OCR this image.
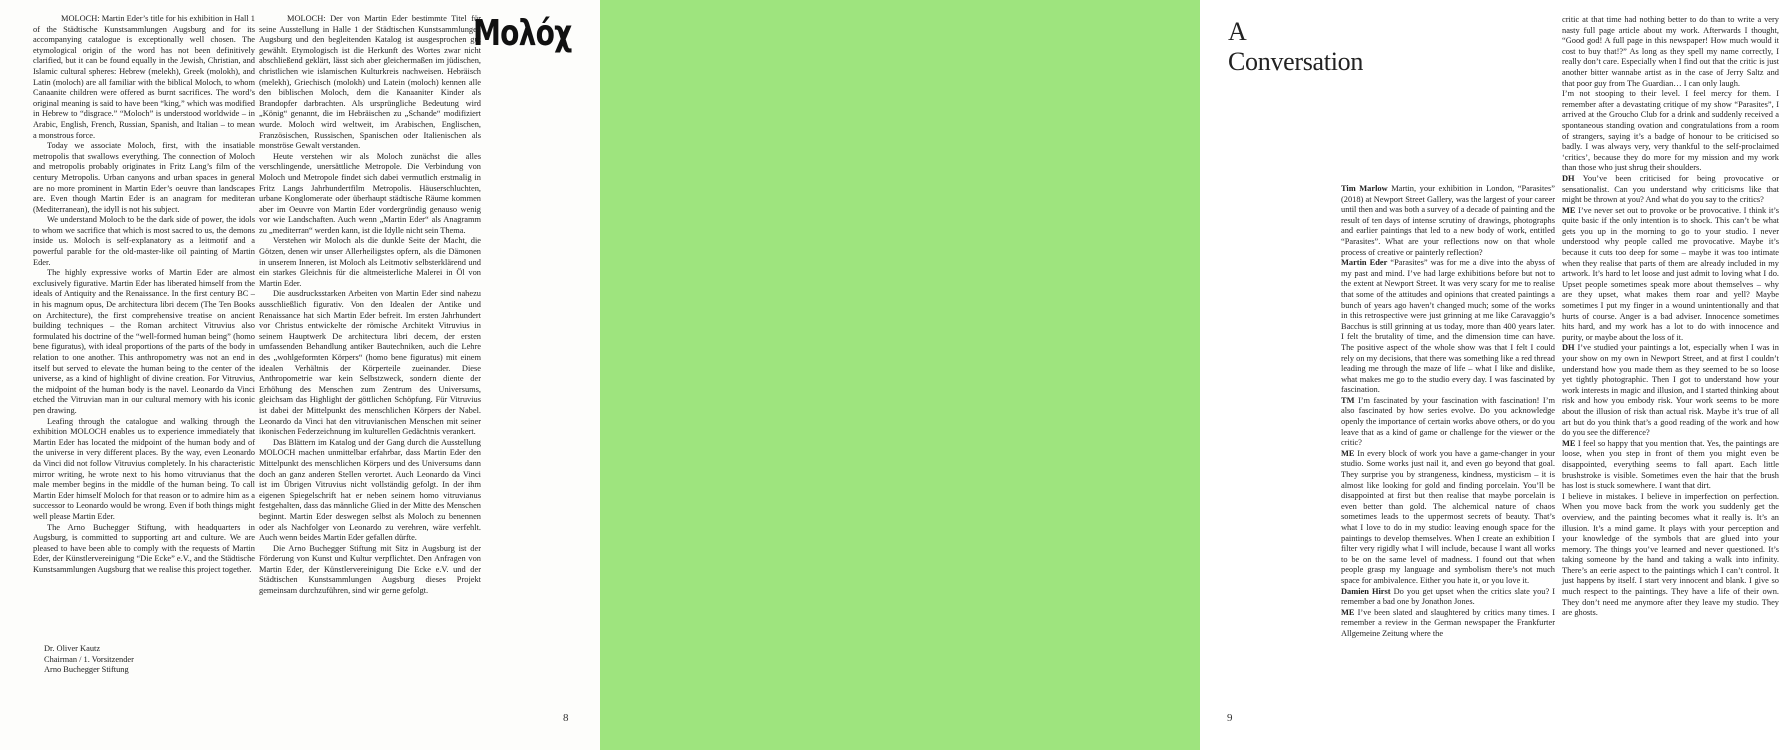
MOLOCH: Martin Eder’s title for his exhibition in Hall 1 of the Städtische Kunstsammlungen Augsburg and for its accompanying catalogue is exceptionally well chosen. The etymological origin of the word has not been definitively clarified, but it can be found equally in the Jewish, Christian, and Islamic cultural spheres: Hebrew (melekh), Greek (molokh), and Latin (moloch) are all familiar with the biblical Moloch, to whom Canaanite children were offered as burnt sacrifices. The word’s original meaning is said to have been “king,” which was modified in Hebrew to “disgrace.” “Moloch” is understood worldwide – in Arabic, English, French, Russian, Spanish, and Italian – to mean a monstrous force.

Today we associate Moloch, first, with the insatiable metropolis that swallows everything. The connection of Moloch and metropolis probably originates in Fritz Lang’s film of the century Metropolis. Urban canyons and urban spaces in general are no more prominent in Martin Eder’s oeuvre than landscapes are. Even though Martin Eder is an anagram for mediteran (Mediterranean), the idyll is not his subject.

We understand Moloch to be the dark side of power, the idols to whom we sacrifice that which is most sacred to us, the demons inside us. Moloch is self-explanatory as a leitmotif and a powerful parable for the old-master-like oil painting of Martin Eder.

The highly expressive works of Martin Eder are almost exclusively figurative. Martin Eder has liberated himself from the ideals of Antiquity and the Renaissance. In the first century BC – in his magnum opus, De architectura libri decem (The Ten Books on Architecture), the first comprehensive treatise on ancient building techniques – the Roman architect Vitruvius also formulated his doctrine of the “well-formed human being” (homo bene figuratus), with ideal proportions of the parts of the body in relation to one another. This anthropometry was not an end in itself but served to elevate the human being to the center of the universe, as a kind of highlight of divine creation. For Vitruvius, the midpoint of the human body is the navel. Leonardo da Vinci etched the Vitruvian man in our cultural memory with his iconic pen drawing.

Leafing through the catalogue and walking through the exhibition MOLOCH enables us to experience immediately that Martin Eder has located the midpoint of the human body and of the universe in very different places. By the way, even Leonardo da Vinci did not follow Vitruvius completely. In his characteristic mirror writing, he wrote next to his homo vitruvianus that the male member begins in the middle of the human being. To call Martin Eder himself Moloch for that reason or to admire him as a successor to Leonardo would be wrong. Even if both things might well please Martin Eder.

The Arno Buchegger Stiftung, with headquarters in Augsburg, is committed to supporting art and culture. We are pleased to have been able to comply with the requests of Martin Eder, der Künstlervereinigung “Die Ecke” e.V., and the Städtische Kunstsammlungen Augsburg that we realise this project together.

Dr. Oliver Kautz
Chairman / 1. Vorsitzender
Arno Buchegger Stiftung

MOLOCH: Der von Martin Eder bestimmte Titel für seine Ausstellung in Halle 1 der Städtischen Kunstsammlungen Augsburg und den begleitenden Katalog ist ausgesprochen gut gewählt. Etymologisch ist die Herkunft des Wortes zwar nicht abschließend geklärt, lässt sich aber gleichermaßen im jüdischen, christlichen wie islamischen Kulturkreis nachweisen. Hebräisch (melekh), Griechisch (molokh) und Latein (moloch) kennen alle den biblischen Moloch, dem die Kanaaniter Kinder als Brandopfer darbrachten. Als ursprüngliche Bedeutung wird „König“ genannt, die im Hebräischen zu „Schande“ modifiziert wurde. Moloch wird weltweit, im Arabischen, Englischen, Französischen, Russischen, Spanischen oder Italienischen als monströse Gewalt verstanden.

Heute verstehen wir als Moloch zunächst die alles verschlingende, unersättliche Metropole. Die Verbindung von Moloch und Metropole findet sich dabei vermutlich erstmalig in Fritz Langs Jahrhundertfilm Metropolis. Häuserschluchten, urbane Konglomerate oder überhaupt städtische Räume kommen aber im Oeuvre von Martin Eder vordergründig genauso wenig vor wie Landschaften. Auch wenn „Martin Eder“ als Anagramm zu „mediterran“ werden kann, ist die Idylle nicht sein Thema.

Verstehen wir Moloch als die dunkle Seite der Macht, die Götzen, denen wir unser Allerheiligstes opfern, als die Dämonen in unserem Inneren, ist Moloch als Leitmotiv selbsterklärend und ein starkes Gleichnis für die altmeisterliche Malerei in Öl von Martin Eder.

Die ausdrucksstarken Arbeiten von Martin Eder sind nahezu ausschließlich figurativ. Von den Idealen der Antike und Renaissance hat sich Martin Eder befreit. Im ersten Jahrhundert vor Christus entwickelte der römische Architekt Vitruvius in seinem Hauptwerk De architectura libri decem, der ersten umfassenden Behandlung antiker Bautechniken, auch die Lehre des „wohlgeformten Körpers“ (homo bene figuratus) mit einem idealen Verhältnis der Körperteile zueinander. Diese Anthropometrie war kein Selbstzweck, sondern diente der Erhöhung des Menschen zum Zentrum des Universums, gleichsam das Highlight der göttlichen Schöpfung. Für Vitruvius ist dabei der Mittelpunkt des menschlichen Körpers der Nabel. Leonardo da Vinci hat den vitruvianischen Menschen mit seiner ikonischen Federzeichnung im kulturellen Gedächtnis verankert.

Das Blättern im Katalog und der Gang durch die Ausstellung MOLOCH machen unmittelbar erfahrbar, dass Martin Eder den Mittelpunkt des menschlichen Körpers und des Universums dann doch an ganz anderen Stellen verortet. Auch Leonardo da Vinci ist im Übrigen Vitruvius nicht vollständig gefolgt. In der ihm eigenen Spiegelschrift hat er neben seinem homo vitruvianus festgehalten, dass das männliche Glied in der Mitte des Menschen beginnt. Martin Eder deswegen selbst als Moloch zu benennen oder als Nachfolger von Leonardo zu verehren, wäre verfehlt. Auch wenn beides Martin Eder gefallen dürfte.

Die Arno Buchegger Stiftung mit Sitz in Augsburg ist der Förderung von Kunst und Kultur verpflichtet. Den Anfragen von Martin Eder, der Künstlervereinigung Die Ecke e.V. und der Städtischen Kunstsammlungen Augsburg dieses Projekt gemeinsam durchzuführen, sind wir gerne gefolgt.

Μολόχ
8
A Conversation
9

Tim Marlow Martin, your exhibition in London, “Parasites” (2018) at Newport Street Gallery, was the largest of your career until then and was both a survey of a decade of painting and the result of ten days of intense scrutiny of drawings, photographs and earlier paintings that led to a new body of work, entitled “Parasites”. What are your reflections now on that whole process of creative or painterly reflection?

Martin Eder “Parasites” was for me a dive into the abyss of my past and mind. I’ve had large exhibitions before but not to the extent at Newport Street. It was very scary for me to realise that some of the attitudes and opinions that created paintings a bunch of years ago haven’t changed much; some of the works in this retrospective were just grinning at me like Caravaggio’s Bacchus is still grinning at us today, more than 400 years later. I felt the brutality of time, and the dimension time can have. The positive aspect of the whole show was that I felt I could rely on my decisions, that there was something like a red thread leading me through the maze of life – what I like and dislike, what makes me go to the studio every day. I was fascinated by fascination.

TM I’m fascinated by your fascination with fascination! I’m also fascinated by how series evolve. Do you acknowledge openly the importance of certain works above others, or do you leave that as a kind of game or challenge for the viewer or the critic?

ME In every block of work you have a game-changer in your studio. Some works just nail it, and even go beyond that goal. They surprise you by strangeness, kindness, mysticism – it is almost like looking for gold and finding porcelain. You’ll be disappointed at first but then realise that maybe porcelain is even better than gold. The alchemical nature of chaos sometimes leads to the uppermost secrets of beauty. That’s what I love to do in my studio: leaving enough space for the paintings to develop themselves. When I create an exhibition I filter very rigidly what I will include, because I want all works to be on the same level of madness. I found out that when people grasp my language and symbolism there’s not much space for ambivalence. Either you hate it, or you love it.

Damien Hirst Do you get upset when the critics slate you? I remember a bad one by Jonathon Jones.

ME I’ve been slated and slaughtered by critics many times. I remember a review in the German newspaper the Frankfurter Allgemeine Zeitung where the

critic at that time had nothing better to do than to write a very nasty full page article about my work. Afterwards I thought, “Good god! A full page in this newspaper! How much would it cost to buy that!?” As long as they spell my name correctly, I really don’t care. Especially when I find out that the critic is just another bitter wannabe artist as in the case of Jerry Saltz and that poor guy from The Guardian… I can only laugh.

I’m not stooping to their level. I feel mercy for them. I remember after a devastating critique of my show “Parasites”, I arrived at the Groucho Club for a drink and suddenly received a spontaneous standing ovation and congratulations from a room of strangers, saying it’s a badge of honour to be criticised so badly. I was always very, very thankful to the self-proclaimed ‘critics’, because they do more for my mission and my work than those who just shrug their shoulders.

DH You’ve been criticised for being provocative or sensationalist. Can you understand why criticisms like that might be thrown at you? And what do you say to the critics?

ME I’ve never set out to provoke or be provocative. I think it’s quite basic if the only intention is to shock. This can’t be what gets you up in the morning to go to your studio. I never understood why people called me provocative. Maybe it’s because it cuts too deep for some – maybe it was too intimate when they realise that parts of them are already included in my artwork. It’s hard to let loose and just admit to loving what I do. Upset people sometimes speak more about themselves – why are they upset, what makes them roar and yell? Maybe sometimes I put my finger in a wound unintentionally and that hurts of course. Anger is a bad adviser. Innocence sometimes hits hard, and my work has a lot to do with innocence and purity, or maybe about the loss of it.

DH I’ve studied your paintings a lot, especially when I was in your show on my own in Newport Street, and at first I couldn’t understand how you made them as they seemed to be so loose yet tightly photographic. Then I got to understand how your work interests in magic and illusion, and I started thinking about risk and how you embody risk. Your work seems to be more about the illusion of risk than actual risk. Maybe it’s true of all art but do you think that’s a good reading of the work and how do you see the difference?

ME I feel so happy that you mention that. Yes, the paintings are loose, when you step in front of them you might even be disappointed, everything seems to fall apart. Each little brushstroke is visible. Sometimes even the hair that the brush has lost is stuck somewhere. I want that dirt.

I believe in mistakes. I believe in imperfection on perfection. When you move back from the work you suddenly get the overview, and the painting becomes what it really is. It’s an illusion. It’s a mind game. It plays with your perception and your knowledge of the symbols that are glued into your memory. The things you’ve learned and never questioned. It’s taking someone by the hand and taking a walk into infinity. There’s an eerie aspect to the paintings which I can’t control. It just happens by itself. I start very innocent and blank. I give so much respect to the paintings. They have a life of their own. They don’t need me anymore after they leave my studio. They are ghosts.
